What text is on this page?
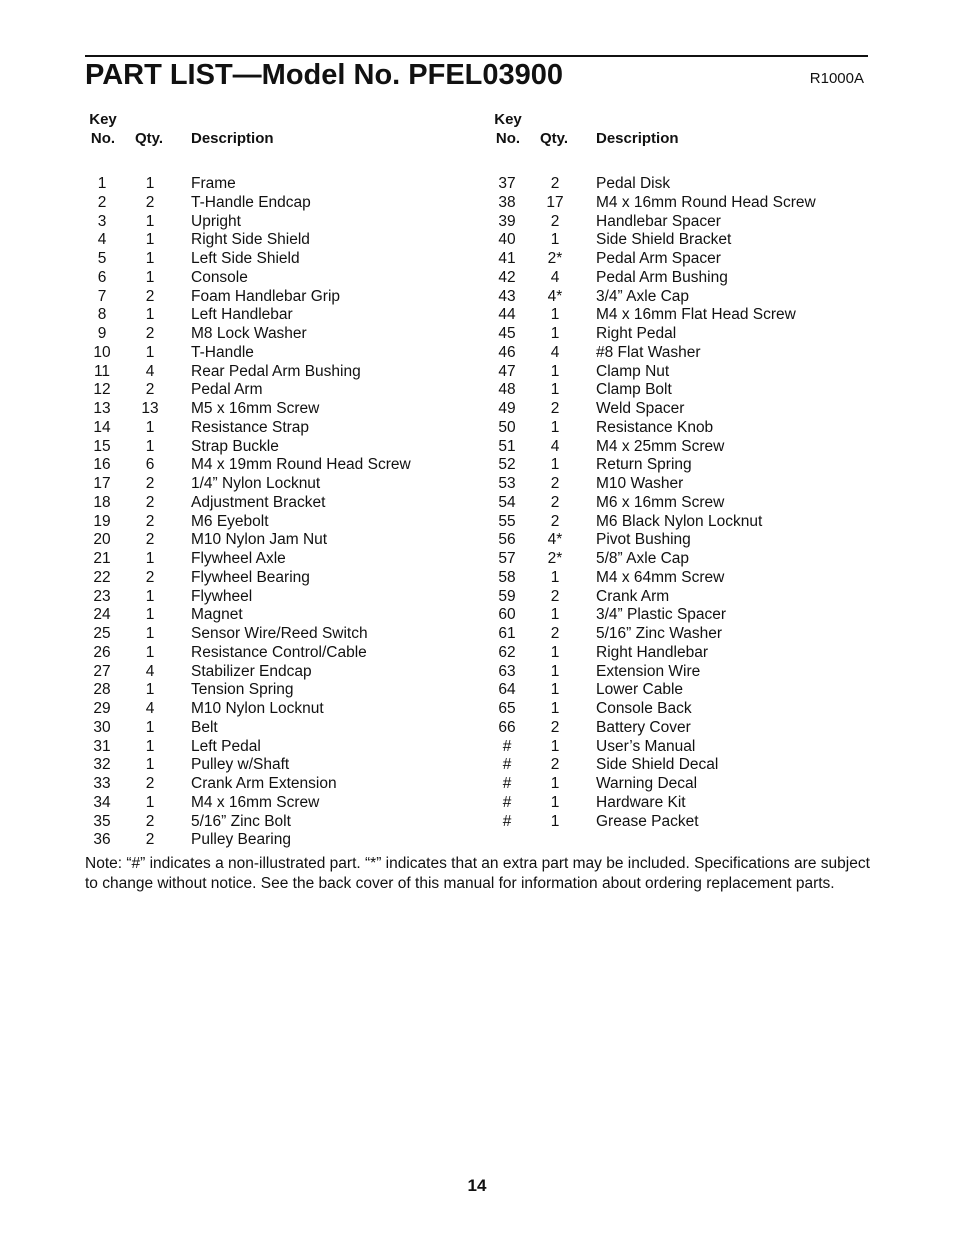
PART LIST—Model No. PFEL03900	R1000A
Key
No. Qty. Description
1	1	Frame
2	2	T-Handle Endcap
3	1	Upright
4	1	Right Side Shield
5	1	Left Side Shield
6	1	Console
7	2	Foam Handlebar Grip
8	1	Left Handlebar
9	2	M8 Lock Washer
10	1	T-Handle
11	4	Rear Pedal Arm Bushing
12	2	Pedal Arm
13	13	M5 x 16mm Screw
14	1	Resistance Strap
15	1	Strap Buckle
16	6	M4 x 19mm Round Head Screw
17	2	1/4” Nylon Locknut
18	2	Adjustment Bracket
19	2	M6 Eyebolt
20	2	M10 Nylon Jam Nut
21	1	Flywheel Axle
22	2	Flywheel Bearing
23	1	Flywheel
24	1	Magnet
25	1	Sensor Wire/Reed Switch
26	1	Resistance Control/Cable
27	4	Stabilizer Endcap
28	1	Tension Spring
29	4	M10 Nylon Locknut
30	1	Belt
31	1	Left Pedal
32	1	Pulley w/Shaft
33	2	Crank Arm Extension
34	1	M4 x 16mm Screw
35	2	5/16” Zinc Bolt
36	2	Pulley Bearing
Key
No. Qty. Description
37	2	Pedal Disk
38	17	M4 x 16mm Round Head Screw
39	2	Handlebar Spacer
40	1	Side Shield Bracket
41	2*	Pedal Arm Spacer
42	4	Pedal Arm Bushing
43	4*	3/4” Axle Cap
44	1	M4 x 16mm Flat Head Screw
45	1	Right Pedal
46	4	#8 Flat Washer
47	1	Clamp Nut
48	1	Clamp Bolt
49	2	Weld Spacer
50	1	Resistance Knob
51	4	M4 x 25mm Screw
52	1	Return Spring
53	2	M10 Washer
54	2	M6 x 16mm Screw
55	2	M6 Black Nylon Locknut
56	4*	Pivot Bushing
57	2*	5/8” Axle Cap
58	1	M4 x 64mm Screw
59	2	Crank Arm
60	1	3/4” Plastic Spacer
61	2	5/16” Zinc Washer
62	1	Right Handlebar
63	1	Extension Wire
64	1	Lower Cable
65	1	Console Back
66	2	Battery Cover
#	1	User’s Manual
#	2	Side Shield Decal
#	1	Warning Decal
#	1	Hardware Kit
#	1	Grease Packet
Note: “#” indicates a non-illustrated part. “*” indicates that an extra part may be included. Specifications are subject to change without notice. See the back cover of this manual for information about ordering replacement parts.
14
